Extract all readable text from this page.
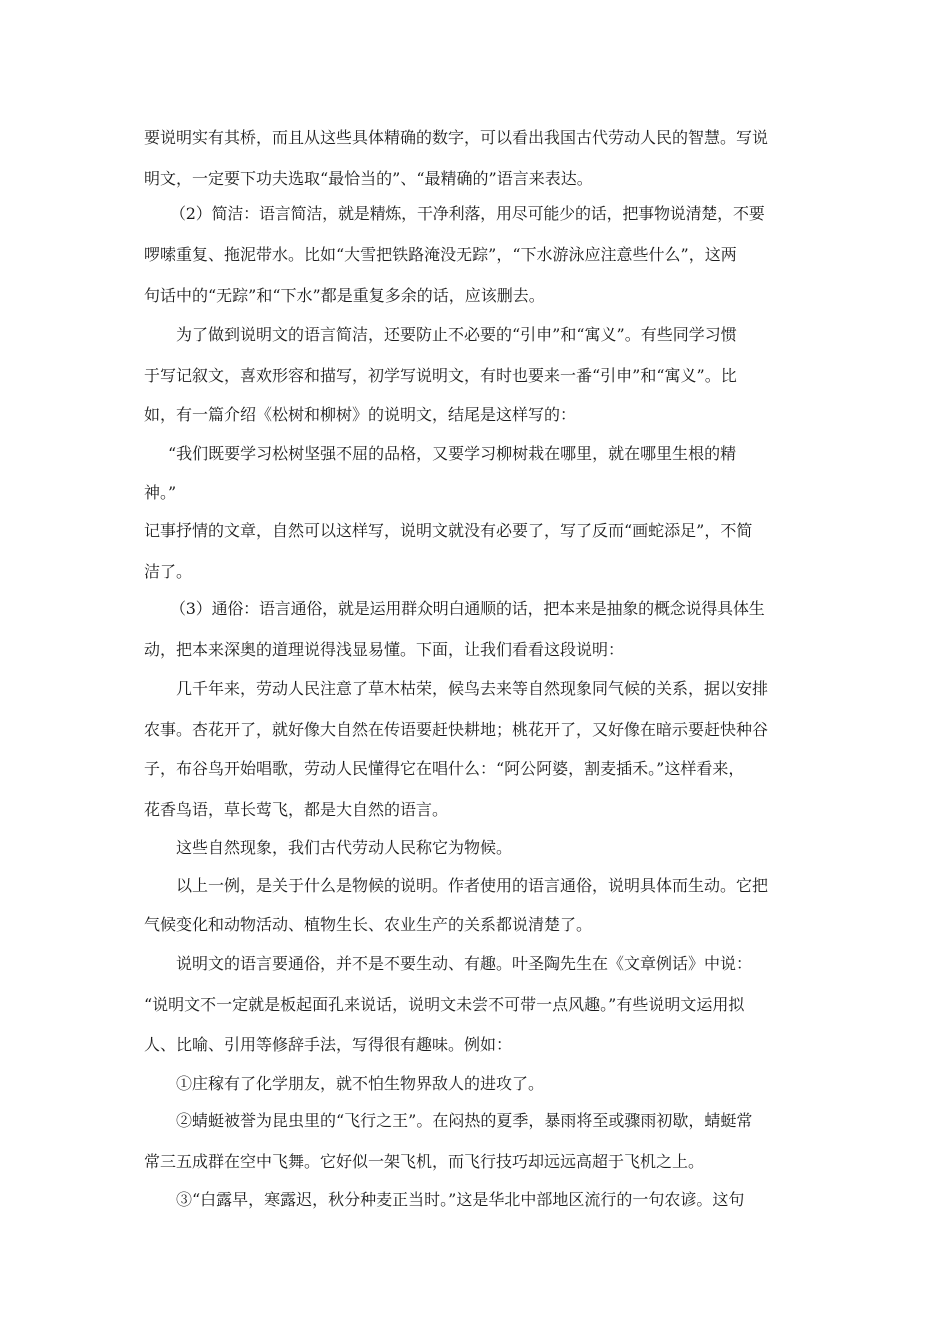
要说明实有其桥，而且从这些具体精确的数字，可以看出我国古代劳动人民的智慧。写说
明文，一定要下功夫选取“最恰当的”、“最精确的”语言来表达。
（2）简洁：语言简洁，就是精炼，干净利落，用尽可能少的话，把事物说清楚，不要
啰嗦重复、拖泥带水。比如“大雪把铁路淹没无踪”，“下水游泳应注意些什么”，这两
句话中的“无踪”和“下水”都是重复多余的话，应该删去。
为了做到说明文的语言简洁，还要防止不必要的“引申”和“寓义”。有些同学习惯
于写记叙文，喜欢形容和描写，初学写说明文，有时也要来一番“引申”和“寓义”。比
如，有一篇介绍《松树和柳树》的说明文，结尾是这样写的：
“我们既要学习松树坚强不屈的品格，又要学习柳树栽在哪里，就在哪里生根的精
神。”
记事抒情的文章，自然可以这样写，说明文就没有必要了，写了反而“画蛇添足”，不简
洁了。
（3）通俗：语言通俗，就是运用群众明白通顺的话，把本来是抽象的概念说得具体生
动，把本来深奥的道理说得浅显易懂。下面，让我们看看这段说明：
几千年来，劳动人民注意了草木枯荣，候鸟去来等自然现象同气候的关系，据以安排
农事。杏花开了，就好像大自然在传语要赶快耕地；桃花开了，又好像在暗示要赶快种谷
子，布谷鸟开始唱歌，劳动人民懂得它在唱什么：“阿公阿婆，割麦插禾。”这样看来，
花香鸟语，草长莺飞，都是大自然的语言。
这些自然现象，我们古代劳动人民称它为物候。
以上一例，是关于什么是物候的说明。作者使用的语言通俗，说明具体而生动。它把
气候变化和动物活动、植物生长、农业生产的关系都说清楚了。
说明文的语言要通俗，并不是不要生动、有趣。叶圣陶先生在《文章例话》中说：
“说明文不一定就是板起面孔来说话，说明文未尝不可带一点风趣。”有些说明文运用拟
人、比喻、引用等修辞手法，写得很有趣味。例如：
①庄稼有了化学朋友，就不怕生物界敌人的进攻了。
②蜻蜓被誉为昆虫里的“飞行之王”。在闷热的夏季，暴雨将至或骤雨初歇，蜻蜓常
常三五成群在空中飞舞。它好似一架飞机，而飞行技巧却远远高超于飞机之上。
③“白露早，寒露迟，秋分种麦正当时。”这是华北中部地区流行的一句农谚。这句
